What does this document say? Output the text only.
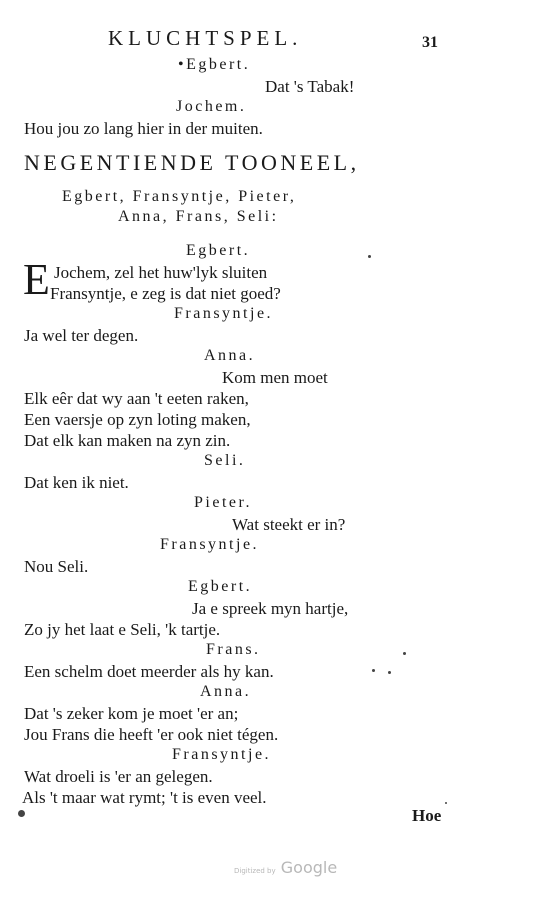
KLUCHTSPEL.	31
•Egbert.
Dat 's Tabak!
Jochem.
Hou jou zo lang hier in der muiten.
NEGENTIENDE TOONEEL,
Egbert, Fransyntje, Pieter,
Anna, Frans, Seli:
Egbert.
E Jochem, zel het huw'lyk sluiten
Fransyntje, e zeg is dat niet goed?
Fransyntje.
Ja wel ter degen.
Anna.
Kom men moet
Elk eêr dat wy aan 't eeten raken,
Een vaersje op zyn loting maken,
Dat elk kan maken na zyn zin.
Seli.
Dat ken ik niet.
Pieter.
Wat steekt er in?
Fransyntje.
Nou Seli.
Egbert.
Ja e spreek myn hartje,
Zo jy het laat e Seli, 'k tartje.
Frans.
Een schelm doet meerder als hy kan.
Anna.
Dat 's zeker kom je moet 'er an;
Jou Frans die heeft 'er ook niet tégen.
Fransyntje.
Wat droeli is 'er an gelegen.
Als 't maar wat rymt; 't is even veel.
Hoe
Digitized by Google
